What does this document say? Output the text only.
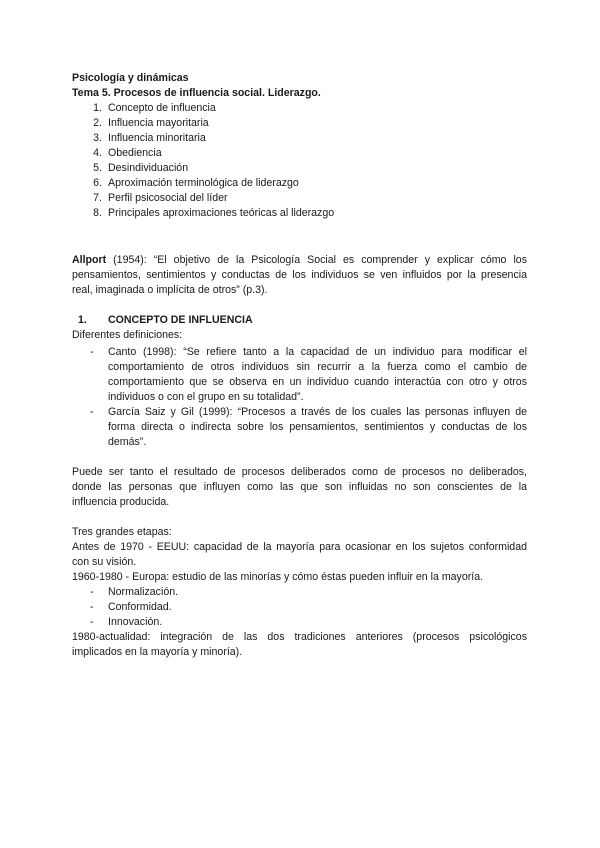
Psicología y dinámicas
Tema 5. Procesos de influencia social. Liderazgo.
1. Concepto de influencia
2. Influencia mayoritaria
3. Influencia minoritaria
4. Obediencia
5. Desindividuación
6. Aproximación terminológica de liderazgo
7. Perfil psicosocial del líder
8. Principales aproximaciones teóricas al liderazgo
Allport (1954): “El objetivo de la Psicología Social es comprender y explicar cómo los
pensamientos, sentimientos y conductas de los individuos se ven influidos por la presencia
real, imaginada o implícita de otros” (p.3).
1. CONCEPTO DE INFLUENCIA
Diferentes definiciones:
- Canto (1998): “Se refiere tanto a la capacidad de un individuo para modificar el
comportamiento de otros individuos sin recurrir a la fuerza como el cambio de
comportamiento que se observa en un individuo cuando interactúa con otro y otros
individuos o con el grupo en su totalidad”.
- García Saiz y Gil (1999): “Procesos a través de los cuales las personas influyen de
forma directa o indirecta sobre los pensamientos, sentimientos y conductas de los
demás”.
Puede ser tanto el resultado de procesos deliberados como de procesos no deliberados,
donde las personas que influyen como las que son influidas no son conscientes de la
influencia producida.
Tres grandes etapas:
Antes de 1970 - EEUU: capacidad de la mayoría para ocasionar en los sujetos conformidad
con su visión.
1960-1980 - Europa: estudio de las minorías y cómo éstas pueden influir en la mayoría.
- Normalización.
- Conformidad.
- Innovación.
1980-actualidad: integración de las dos tradiciones anteriores (procesos psicológicos
implicados en la mayoría y minoría).
